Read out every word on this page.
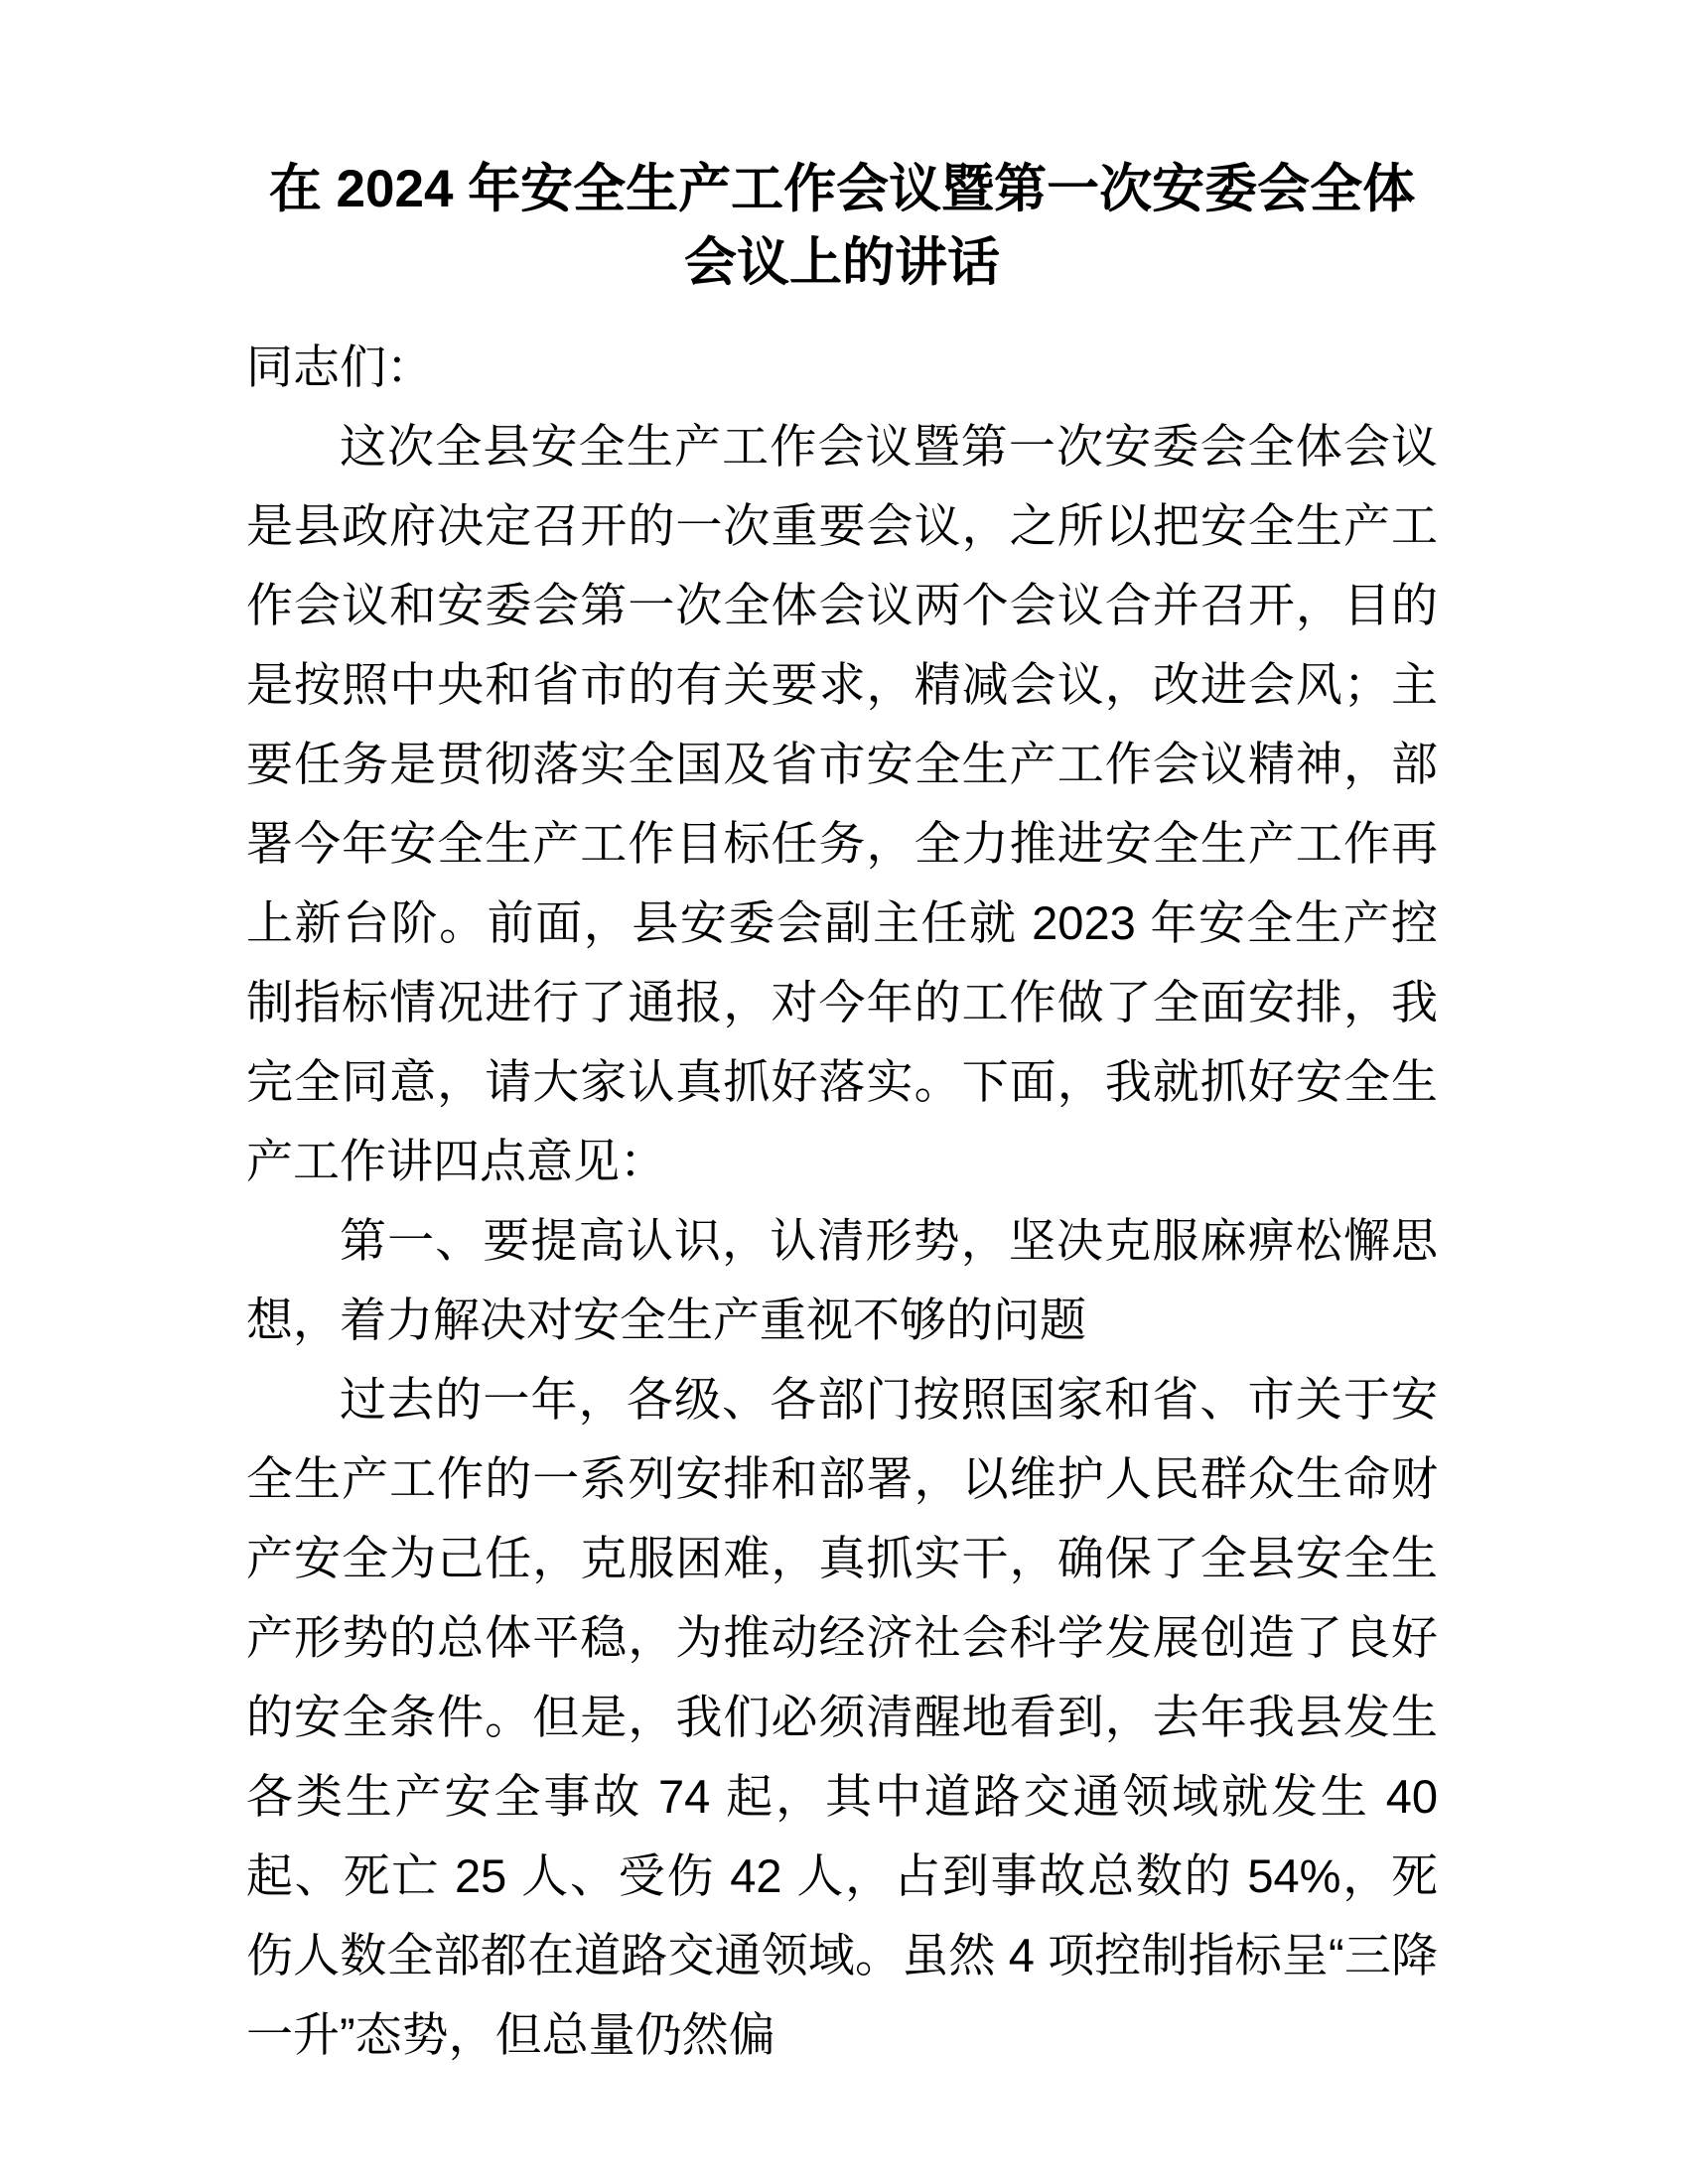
在 2024 年安全生产工作会议暨第一次安委会全体会议上的讲话

同志们：

这次全县安全生产工作会议暨第一次安委会全体会议是县政府决定召开的一次重要会议，之所以把安全生产工作会议和安委会第一次全体会议两个会议合并召开，目的是按照中央和省市的有关要求，精减会议，改进会风；主要任务是贯彻落实全国及省市安全生产工作会议精神，部署今年安全生产工作目标任务，全力推进安全生产工作再上新台阶。前面，县安委会副主任就 2023 年安全生产控制指标情况进行了通报，对今年的工作做了全面安排，我完全同意，请大家认真抓好落实。下面，我就抓好安全生产工作讲四点意见：

第一、要提高认识，认清形势，坚决克服麻痹松懈思想，着力解决对安全生产重视不够的问题

过去的一年，各级、各部门按照国家和省、市关于安全生产工作的一系列安排和部署，以维护人民群众生命财产安全为己任，克服困难，真抓实干，确保了全县安全生产形势的总体平稳，为推动经济社会科学发展创造了良好的安全条件。但是，我们必须清醒地看到，去年我县发生各类生产安全事故 74 起，其中道路交通领域就发生 40 起、死亡 25 人、受伤 42 人，占到事故总数的 54%，死伤人数全部都在道路交通领域。虽然 4 项控制指标呈“三降一升”态势，但总量仍然偏
